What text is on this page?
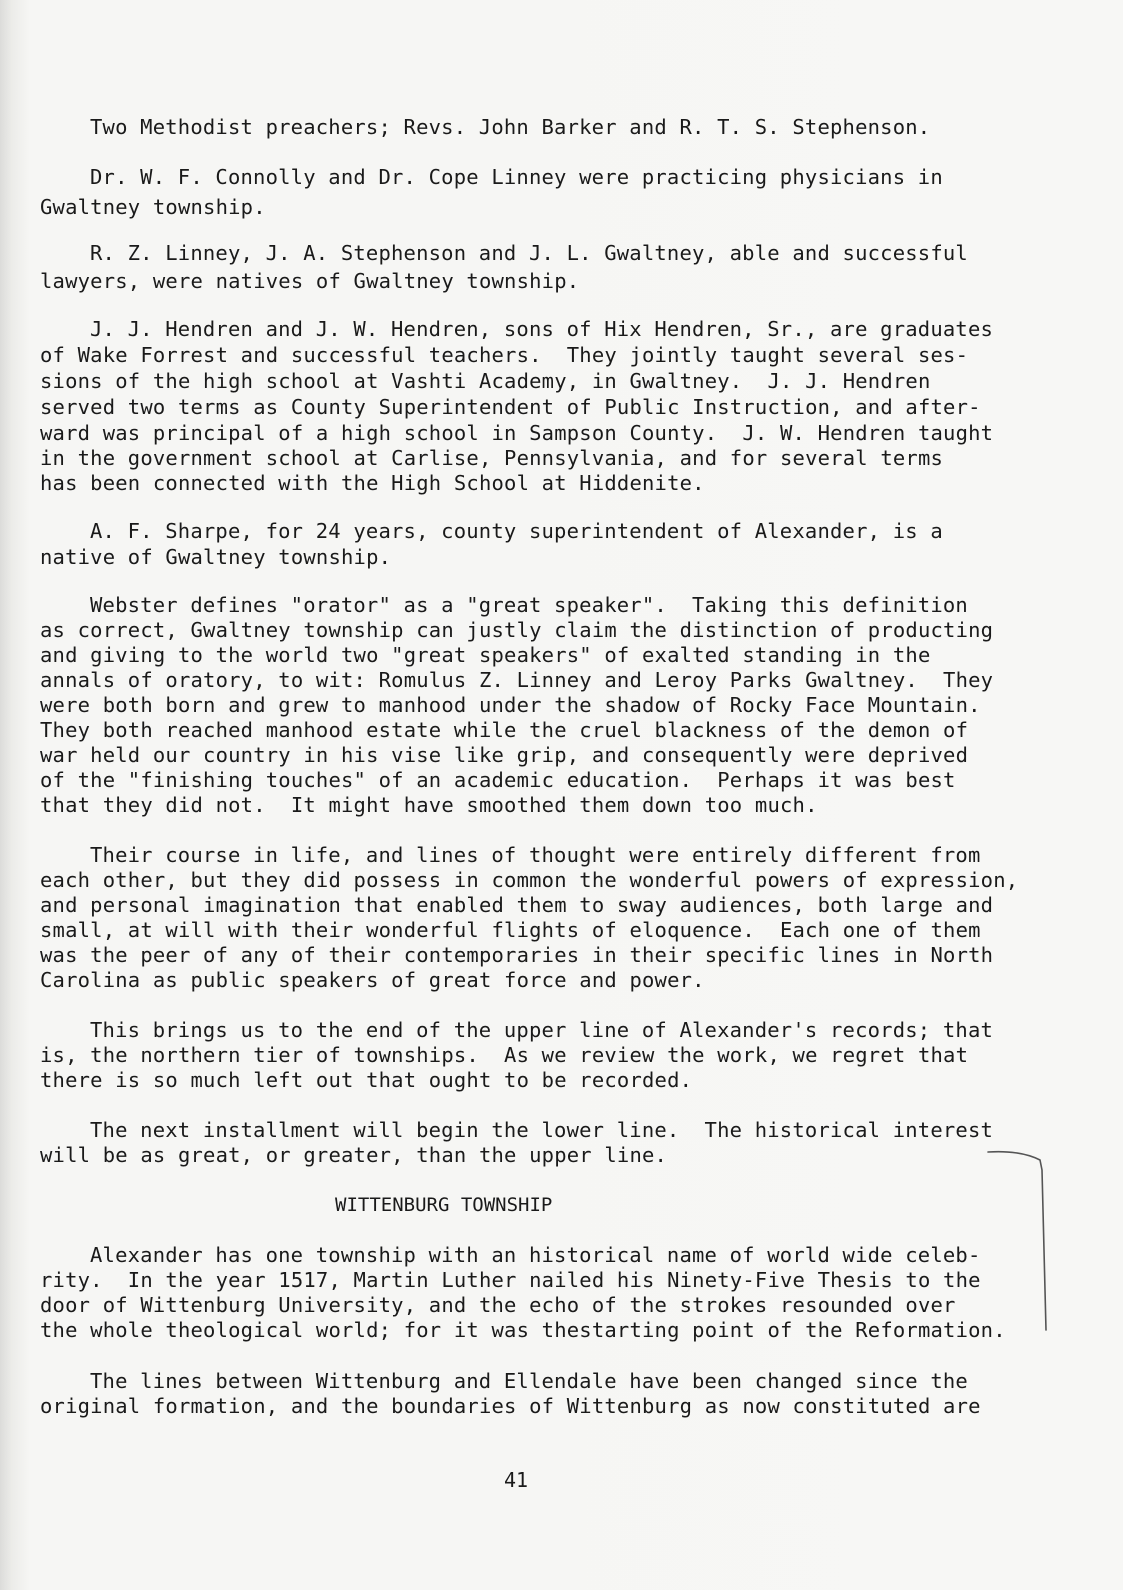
Two Methodist preachers; Revs. John Barker and R. T. S. Stephenson.
Dr. W. F. Connolly and Dr. Cope Linney were practicing physicians in
Gwaltney township.
R. Z. Linney, J. A. Stephenson and J. L. Gwaltney, able and successful
lawyers, were natives of Gwaltney township.
J. J. Hendren and J. W. Hendren, sons of Hix Hendren, Sr., are graduates
of Wake Forrest and successful teachers.  They jointly taught several ses-
sions of the high school at Vashti Academy, in Gwaltney.  J. J. Hendren
served two terms as County Superintendent of Public Instruction, and after-
ward was principal of a high school in Sampson County.  J. W. Hendren taught
in the government school at Carlise, Pennsylvania, and for several terms
has been connected with the High School at Hiddenite.
A. F. Sharpe, for 24 years, county superintendent of Alexander, is a
native of Gwaltney township.
Webster defines "orator" as a "great speaker".  Taking this definition
as correct, Gwaltney township can justly claim the distinction of producting
and giving to the world two "great speakers" of exalted standing in the
annals of oratory, to wit: Romulus Z. Linney and Leroy Parks Gwaltney.  They
were both born and grew to manhood under the shadow of Rocky Face Mountain.
They both reached manhood estate while the cruel blackness of the demon of
war held our country in his vise like grip, and consequently were deprived
of the "finishing touches" of an academic education.  Perhaps it was best
that they did not.  It might have smoothed them down too much.
Their course in life, and lines of thought were entirely different from
each other, but they did possess in common the wonderful powers of expression,
and personal imagination that enabled them to sway audiences, both large and
small, at will with their wonderful flights of eloquence.  Each one of them
was the peer of any of their contemporaries in their specific lines in North
Carolina as public speakers of great force and power.
This brings us to the end of the upper line of Alexander's records; that
is, the northern tier of townships.  As we review the work, we regret that
there is so much left out that ought to be recorded.
The next installment will begin the lower line.  The historical interest
will be as great, or greater, than the upper line.
WITTENBURG TOWNSHIP
Alexander has one township with an historical name of world wide celeb-
rity.  In the year 1517, Martin Luther nailed his Ninety-Five Thesis to the
door of Wittenburg University, and the echo of the strokes resounded over
the whole theological world; for it was thestarting point of the Reformation.
The lines between Wittenburg and Ellendale have been changed since the
original formation, and the boundaries of Wittenburg as now constituted are
41
